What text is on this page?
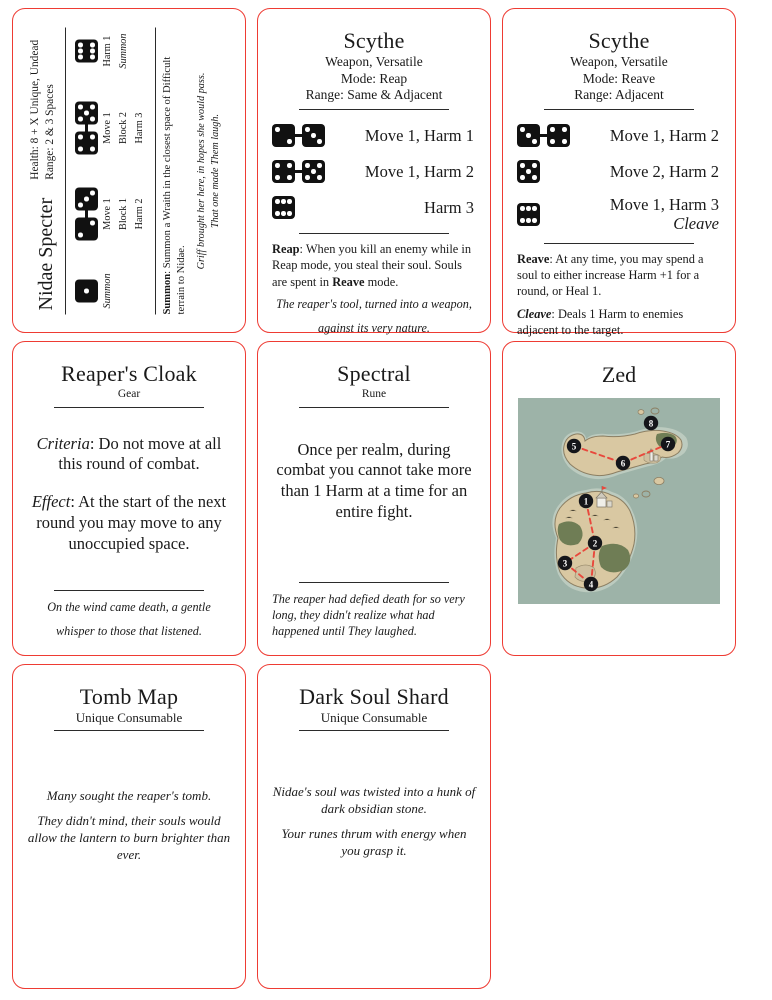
Nidae Specter
Health: 8 + X Unique, Undead Range: 2 & 3 Spaces
Summon
Move 1 Block 1 Harm 2
Move 1 Block 2 Harm 3
Harm 1 Summon
Summon: Summon a Wraith in the closest space of Difficult terrain to Nidae.

Griff brought her here, in hopes she would pass. That one made Them laugh.

Scythe
Weapon, Versatile
Mode: Reap
Range: Same & Adjacent
Move 1, Harm 1
Move 1, Harm 2
Harm 3

Reap: When you kill an enemy while in Reap mode, you steal their soul. Souls are spent in Reave mode.

The reaper's tool, turned into a weapon,

against its very nature.

Scythe
Weapon, Versatile
Mode: Reave
Range: Adjacent
Move 1, Harm 2
Move 2, Harm 2
Move 1, Harm 3
Cleave

Reave: At any time, you may spend a soul to either increase Harm +1 for a round, or Heal 1.

Cleave: Deals 1 Harm to enemies adjacent to the target.

Reaper's Cloak
Gear

Criteria: Do not move at all this round of combat.

Effect: At the start of the next round you may move to any unoccupied space.

On the wind came death, a gentle

whisper to those that listened.

Spectral
Rune

Once per realm, during combat you cannot take more than 1 Harm at a time for an entire fight.

The reaper had defied death for so very long, they didn't realize what had happened until They laughed.

Zed
1
2
3
4
5
6
7
8
Tomb Map
Unique Consumable

Many sought the reaper's tomb.

They didn't mind, their souls would allow the lantern to burn brighter than ever.

Dark Soul Shard
Unique Consumable

Nidae's soul was twisted into a hunk of dark obsidian stone.

Your runes thrum with energy when you grasp it.
